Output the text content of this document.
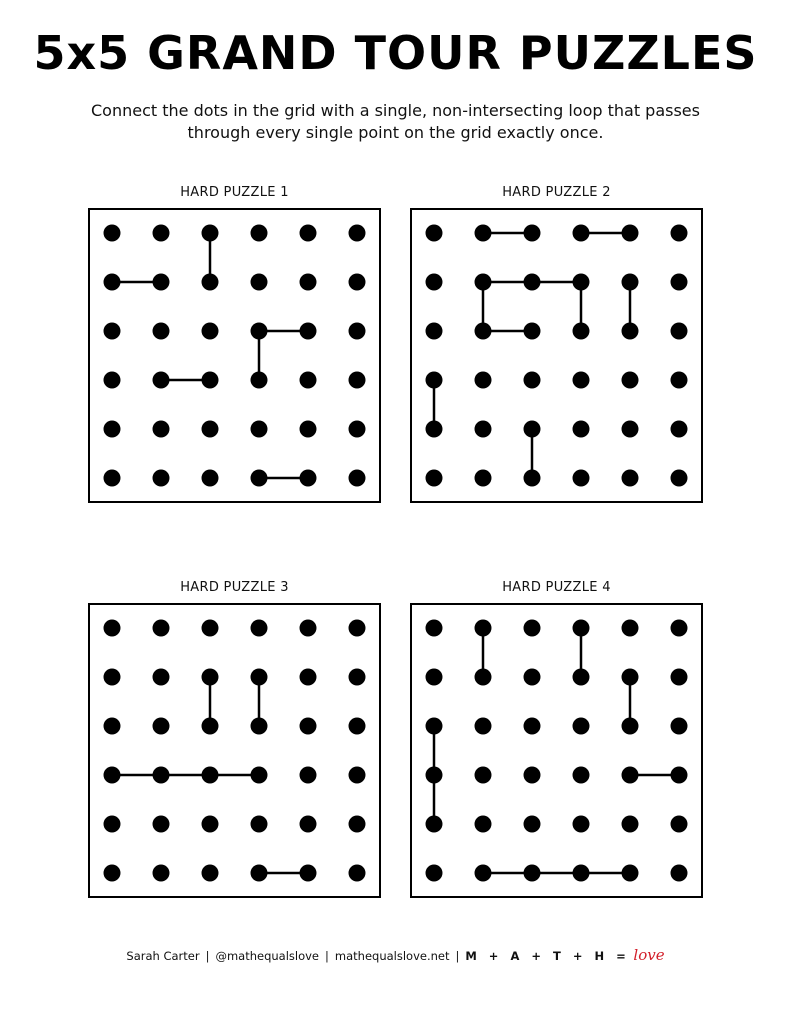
5x5 GRAND TOUR PUZZLES
Connect the dots in the grid with a single, non-intersecting loop that passes through every single point on the grid exactly once.
HARD PUZZLE 1	HARD PUZZLE 2
HARD PUZZLE 3	HARD PUZZLE 4
Sarah Carter | @mathequalslove | mathequalslove.net | M + A + T + H = love
